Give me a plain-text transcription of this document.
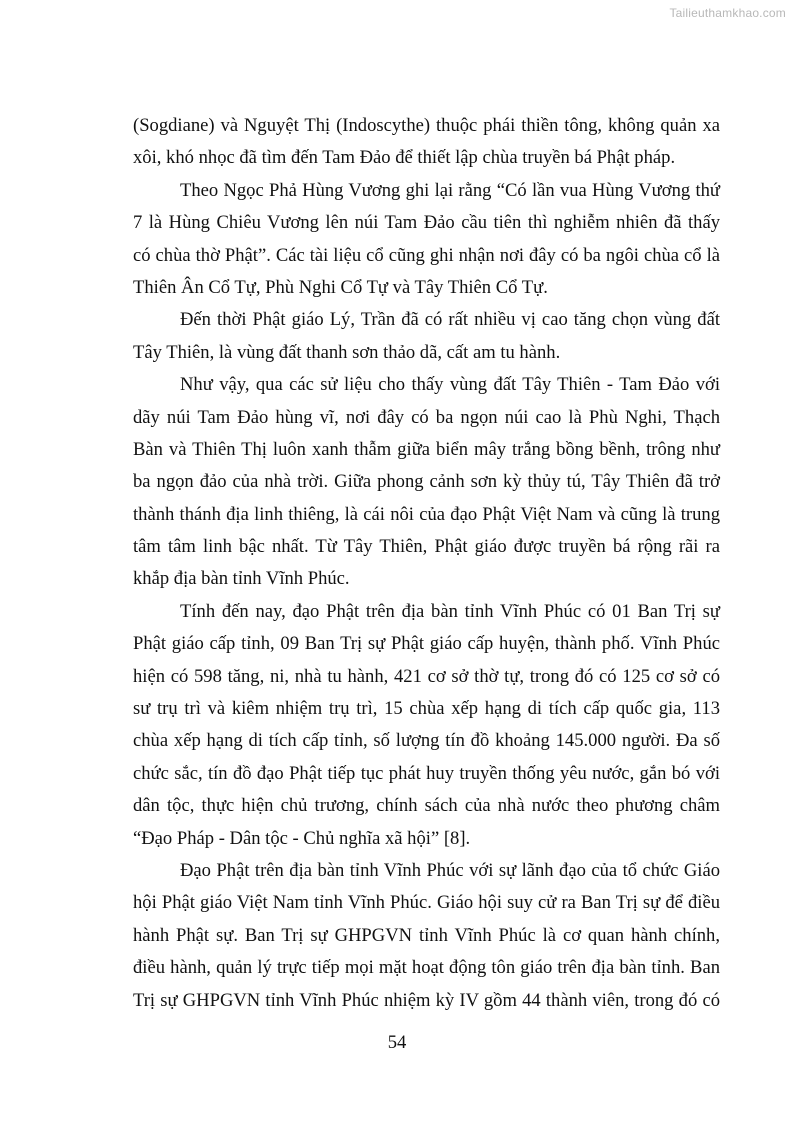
Tailieuthamkhao.com
(Sogdiane) và Nguyệt Thị (Indoscythe) thuộc phái thiền tông, không quản xa
xôi, khó nhọc đã tìm đến Tam Đảo để thiết lập chùa truyền bá Phật pháp.
Theo Ngọc Phả Hùng Vương ghi lại rằng “Có lần vua Hùng Vương thứ
7 là Hùng Chiêu Vương lên núi Tam Đảo cầu tiên thì nghiễm nhiên đã thấy
có chùa thờ Phật”. Các tài liệu cổ cũng ghi nhận nơi đây có ba ngôi chùa cổ là
Thiên Ân Cổ Tự, Phù Nghi Cổ Tự và Tây Thiên Cổ Tự.
Đến thời Phật giáo Lý, Trần đã có rất nhiều vị cao tăng chọn vùng đất
Tây Thiên, là vùng đất thanh sơn thảo dã, cất am tu hành.
Như vậy, qua các sử liệu cho thấy vùng đất Tây Thiên - Tam Đảo với
dãy núi Tam Đảo hùng vĩ, nơi đây có ba ngọn núi cao là Phù Nghi, Thạch
Bàn và Thiên Thị luôn xanh thẫm giữa biển mây trắng bồng bềnh, trông như
ba ngọn đảo của nhà trời. Giữa phong cảnh sơn kỳ thủy tú, Tây Thiên đã trở
thành thánh địa linh thiêng, là cái nôi của đạo Phật Việt Nam và cũng là trung
tâm tâm linh bậc nhất. Từ Tây Thiên, Phật giáo được truyền bá rộng rãi ra
khắp địa bàn tỉnh Vĩnh Phúc.
Tính đến nay, đạo Phật trên địa bàn tỉnh Vĩnh Phúc có 01 Ban Trị sự
Phật giáo cấp tỉnh, 09 Ban Trị sự Phật giáo cấp huyện, thành phố. Vĩnh Phúc
hiện có 598 tăng, ni, nhà tu hành, 421 cơ sở thờ tự, trong đó có 125 cơ sở có
sư trụ trì và kiêm nhiệm trụ trì, 15 chùa xếp hạng di tích cấp quốc gia, 113
chùa xếp hạng di tích cấp tỉnh, số lượng tín đồ khoảng 145.000 người. Đa số
chức sắc, tín đồ đạo Phật tiếp tục phát huy truyền thống yêu nước, gắn bó với
dân tộc, thực hiện chủ trương, chính sách của nhà nước theo phương châm
“Đạo Pháp - Dân tộc - Chủ nghĩa xã hội” [8].
Đạo Phật trên địa bàn tỉnh Vĩnh Phúc với sự lãnh đạo của tổ chức Giáo
hội Phật giáo Việt Nam tỉnh Vĩnh Phúc. Giáo hội suy cử ra Ban Trị sự để điều
hành Phật sự. Ban Trị sự GHPGVN tỉnh Vĩnh Phúc là cơ quan hành chính,
điều hành, quản lý trực tiếp mọi mặt hoạt động tôn giáo trên địa bàn tỉnh. Ban
Trị sự GHPGVN tỉnh Vĩnh Phúc nhiệm kỳ IV gồm 44 thành viên, trong đó có
54
